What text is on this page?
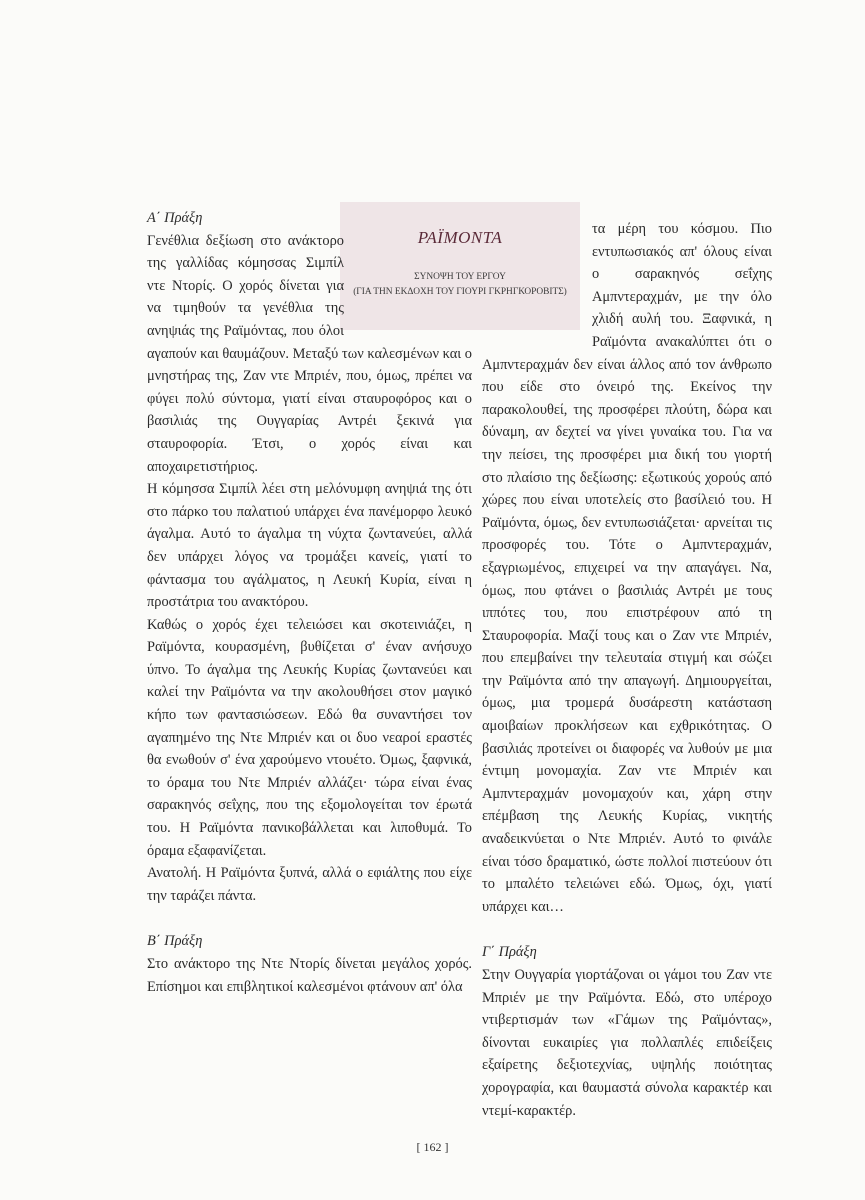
ΡΑΪΜΟΝΤΑ

ΣΥΝΟΨΗ ΤΟΥ ΕΡΓΟΥ

(ΓΙΑ ΤΗΝ ΕΚΔΟΧΗ ΤΟΥ ΓΙΟΥΡΙ ΓΚΡΗΓΚΟΡΟΒΙΤΣ)

Α΄ Πράξη

Γενέθλια δεξίωση στο ανάκτορο της γαλλίδας κόμησσας Σιμπίλ ντε Ντορίς. Ο χορός δίνεται για να τιμηθούν τα γενέθλια της ανηψιάς της Ραϊμόντας, που όλοι αγαπούν και θαυμάζουν. Μεταξύ των καλεσμένων και ο μνηστήρας της, Ζαν ντε Μπριέν, που, όμως, πρέπει να φύγει πολύ σύντομα, γιατί είναι σταυροφόρος και ο βασιλιάς της Ουγγαρίας Αντρέι ξεκινά για σταυροφορία. Έτσι, ο χορός είναι και αποχαιρετιστήριος.

Η κόμησσα Σιμπίλ λέει στη μελόνυμφη ανηψιά της ότι στο πάρκο του παλατιού υπάρχει ένα πανέμορφο λευκό άγαλμα. Αυτό το άγαλμα τη νύχτα ζωντανεύει, αλλά δεν υπάρχει λόγος να τρομάξει κανείς, γιατί το φάντασμα του αγάλματος, η Λευκή Κυρία, είναι η προστάτρια του ανακτόρου.

Καθώς ο χορός έχει τελειώσει και σκοτεινιάζει, η Ραϊμόντα, κουρασμένη, βυθίζεται σ' έναν ανήσυχο ύπνο. Το άγαλμα της Λευκής Κυρίας ζωντανεύει και καλεί την Ραϊμόντα να την ακολουθήσει στον μαγικό κήπο των φαντασιώσεων. Εδώ θα συναντήσει τον αγαπημένο της Ντε Μπριέν και οι δυο νεαροί εραστές θα ενωθούν σ' ένα χαρούμενο ντουέτο. Όμως, ξαφνικά, το όραμα του Ντε Μπριέν αλλάζει· τώρα είναι ένας σαρακηνός σεΐχης, που της εξομολογείται τον έρωτά του. Η Ραϊμόντα πανικοβάλλεται και λιποθυμά. Το όραμα εξαφανίζεται.

Ανατολή. Η Ραϊμόντα ξυπνά, αλλά ο εφιάλτης που είχε την ταράζει πάντα.

Β΄ Πράξη

Στο ανάκτορο της Ντε Ντορίς δίνεται μεγάλος χορός. Επίσημοι και επιβλητικοί καλεσμένοι φτάνουν απ' όλα

τα μέρη του κόσμου. Πιο εντυπωσιακός απ' όλους είναι ο σαρακηνός σεΐχης Αμπντεραχμάν, με την όλο χλιδή αυλή του. Ξαφνικά, η Ραϊμόντα ανακαλύπτει ότι ο Αμπντεραχμάν δεν είναι άλλος από τον άνθρωπο που είδε στο όνειρό της. Εκείνος την παρακολουθεί, της προσφέρει πλούτη, δώρα και δύναμη, αν δεχτεί να γίνει γυναίκα του. Για να την πείσει, της προσφέρει μια δική του γιορτή στο πλαίσιο της δεξίωσης: εξωτικούς χορούς από χώρες που είναι υποτελείς στο βασίλειό του. Η Ραϊμόντα, όμως, δεν εντυπωσιάζεται· αρνείται τις προσφορές του. Τότε ο Αμπντεραχμάν, εξαγριωμένος, επιχειρεί να την απαγάγει. Να, όμως, που φτάνει ο βασιλιάς Αντρέι με τους ιππότες του, που επιστρέφουν από τη Σταυροφορία. Μαζί τους και ο Ζαν ντε Μπριέν, που επεμβαίνει την τελευταία στιγμή και σώζει την Ραϊμόντα από την απαγωγή. Δημιουργείται, όμως, μια τρομερά δυσάρεστη κατάσταση αμοιβαίων προκλήσεων και εχθρικότητας. Ο βασιλιάς προτείνει οι διαφορές να λυθούν με μια έντιμη μονομαχία. Ζαν ντε Μπριέν και Αμπντεραχμάν μονομαχούν και, χάρη στην επέμβαση της Λευκής Κυρίας, νικητής αναδεικνύεται ο Ντε Μπριέν. Αυτό το φινάλε είναι τόσο δραματικό, ώστε πολλοί πιστεύουν ότι το μπαλέτο τελειώνει εδώ. Όμως, όχι, γιατί υπάρχει και…

Γ΄ Πράξη

Στην Ουγγαρία γιορτάζοναι οι γάμοι του Ζαν ντε Μπριέν με την Ραϊμόντα. Εδώ, στο υπέροχο ντιβερτισμάν των «Γάμων της Ραϊμόντας», δίνονται ευκαιρίες για πολλαπλές επιδείξεις εξαίρετης δεξιοτεχνίας, υψηλής ποιότητας χορογραφία, και θαυμαστά σύνολα καρακτέρ και ντεμί-καρακτέρ.

[ 162 ]
